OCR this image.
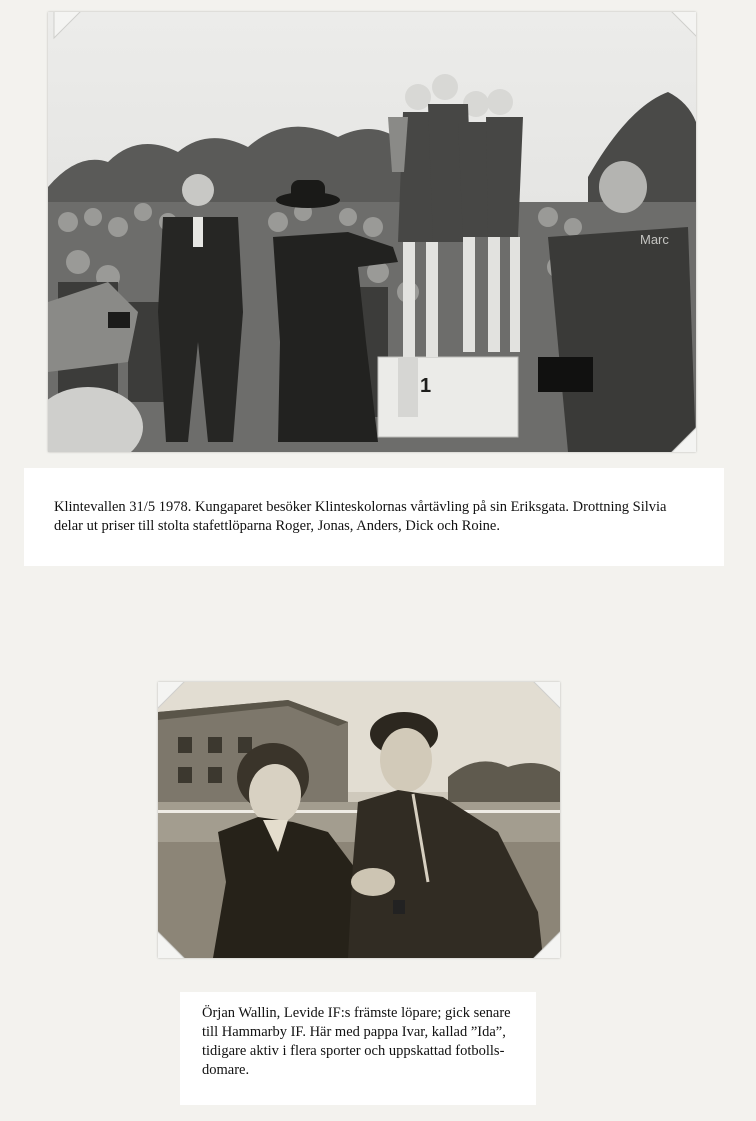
1
Marc
Klintevallen 31/5 1978. Kungaparet besöker Klinteskolornas vårtävling på sin Eriksgata. Drottning Silvia
delar ut priser till stolta stafettlöparna Roger, Jonas, Anders, Dick och Roine.
Örjan Wallin, Levide IF:s främste löpare; gick senare
till Hammarby IF. Här med pappa Ivar, kallad ”Ida”,
tidigare aktiv i flera sporter och uppskattad fotbolls-
domare.
